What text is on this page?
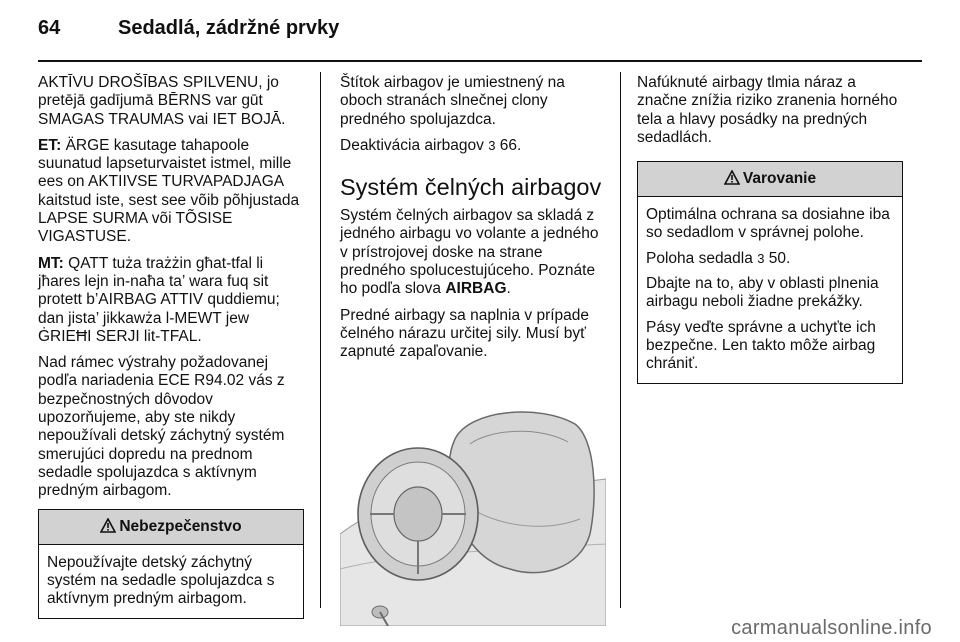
64	Sedadlá, zádržné prvky

AKTĪVU DROŠĪBAS SPILVENU, jo pretējā gadījumā BĒRNS var gūt SMAGAS TRAUMAS vai IET BOJĀ.

ET: ÄRGE kasutage tahapoole suunatud lapseturvaistet istmel, mille ees on AKTIIVSE TURVAPADJAGA kaitstud iste, sest see võib põhjustada LAPSE SURMA või TÕSISE VIGASTUSE.

MT: QATT tuża trażżin għat-tfal li jħares lejn in-naħa ta’ wara fuq sit protett b’AIRBAG ATTIV quddiemu; dan jista’ jikkawża l-MEWT jew ĠRIEĦI SERJI lit-TFAL.

Nad rámec výstrahy požadovanej podľa nariadenia ECE R94.02 vás z bezpečnostných dôvodov upozorňujeme, aby ste nikdy nepoužívali detský záchytný systém smerujúci dopredu na prednom sedadle spolujazdca s aktívnym predným airbagom.

Nebezpečenstvo
Nepoužívajte detský záchytný systém na sedadle spolujazdca s aktívnym predným airbagom.

Štítok airbagov je umiestnený na oboch stranách slnečnej clony predného spolujazdca.

Deaktivácia airbagov 3 66.

Systém čelných airbagov

Systém čelných airbagov sa skladá z jedného airbagu vo volante a jedného v prístrojovej doske na strane predného spolucestujúceho. Poznáte ho podľa slova AIRBAG.

Predné airbagy sa naplnia v prípade čelného nárazu určitej sily. Musí byť zapnuté zapaľovanie.

Nafúknuté airbagy tlmia náraz a značne znížia riziko zranenia horného tela a hlavy posádky na predných sedadlách.

Varovanie

Optimálna ochrana sa dosiahne iba so sedadlom v správnej polohe.

Poloha sedadla 3 50.

Dbajte na to, aby v oblasti plnenia airbagu neboli žiadne prekážky.

Pásy veďte správne a uchyťte ich bezpečne. Len takto môže airbag chrániť.

carmanualsonline.info
